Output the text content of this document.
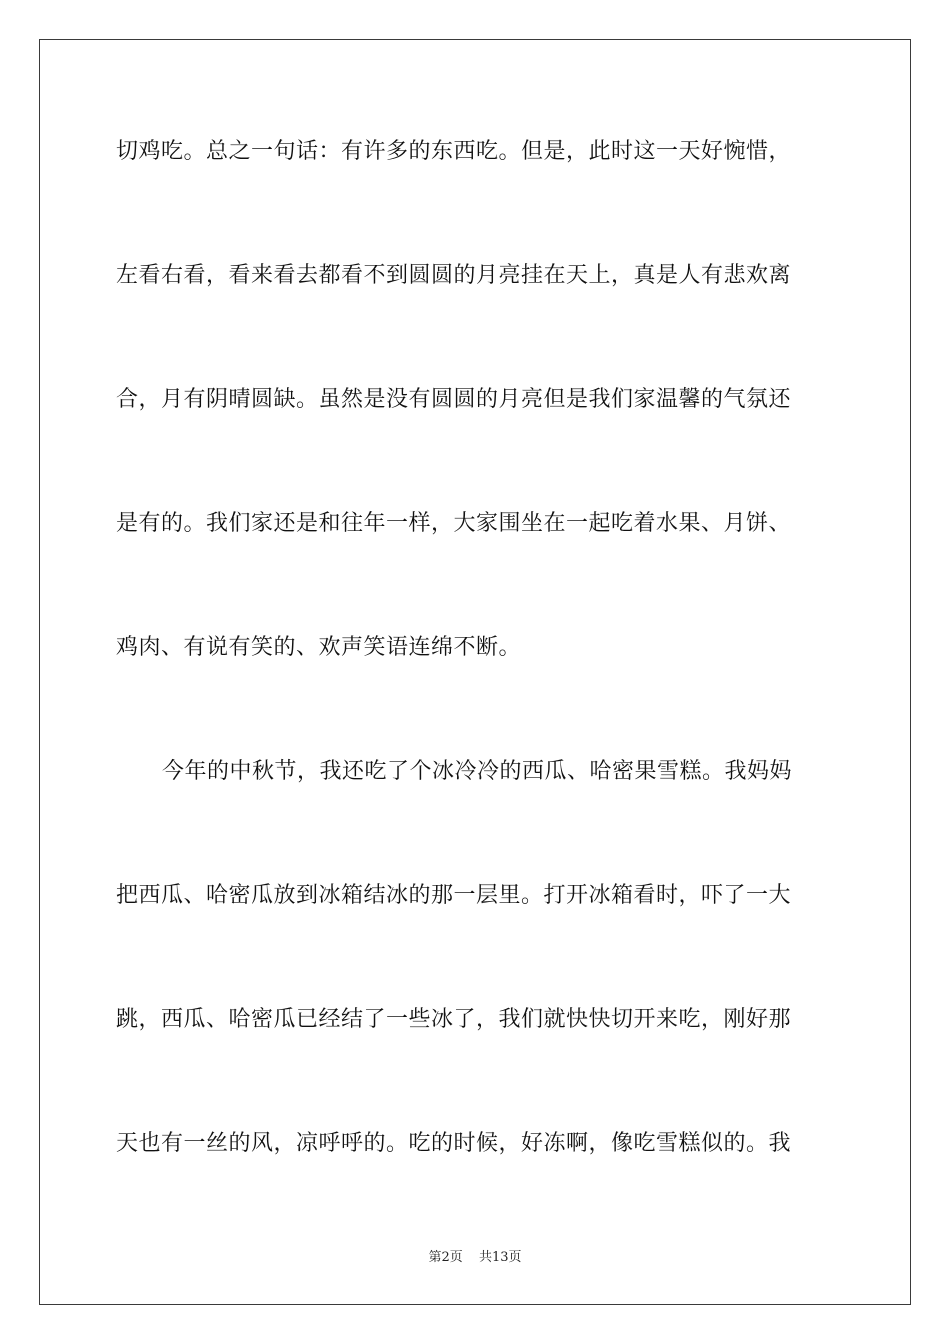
切鸡吃。总之一句话：有许多的东西吃。但是，此时这一天好惋惜，
左看右看，看来看去都看不到圆圆的月亮挂在天上，真是人有悲欢离
合，月有阴晴圆缺。虽然是没有圆圆的月亮但是我们家温馨的气氛还
是有的。我们家还是和往年一样，大家围坐在一起吃着水果、月饼、
鸡肉、有说有笑的、欢声笑语连绵不断。
今年的中秋节，我还吃了个冰冷冷的西瓜、哈密果雪糕。我妈妈
把西瓜、哈密瓜放到冰箱结冰的那一层里。打开冰箱看时，吓了一大
跳，西瓜、哈密瓜已经结了一些冰了，我们就快快切开来吃，刚好那
天也有一丝的风，凉呼呼的。吃的时候，好冻啊，像吃雪糕似的。我
第2页 共13页
